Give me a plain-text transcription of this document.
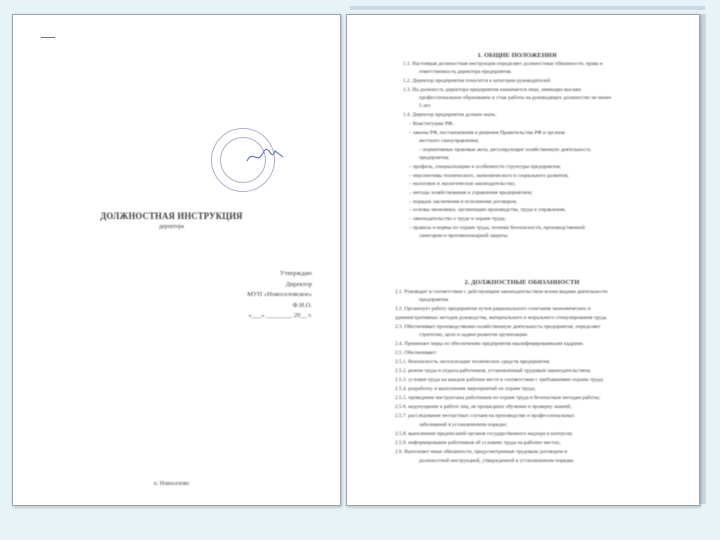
Утверждаю
Директор
МУП «Новоселовское»
Ф.И.О.
«___» ________ 20__ г.
ДОЛЖНОСТНАЯ ИНСТРУКЦИЯ
директора
п. Новоселово
1. ОБЩИЕ ПОЛОЖЕНИЯ
1.1. Настоящая должностная инструкция определяет должностные обязанности, права и
ответственность директора предприятия.
1.2. Директор предприятия относится к категории руководителей.
1.3. На должность директора предприятия назначается лицо, имеющее высшее
профессиональное образование и стаж работы на руководящих должностях не менее
5 лет.
1.4. Директор предприятия должен знать:
– Конституцию РФ;
– законы РФ, постановления и решения Правительства РФ и органов
местного самоуправления;
– нормативные правовые акты, регулирующие хозяйственную деятельность
предприятия;
– профиль, специализацию и особенности структуры предприятия;
– перспективы технического, экономического и социального развития;
– налоговое и экологическое законодательство;
– методы хозяйствования и управления предприятием;
– порядок заключения и исполнения договоров;
– основы экономики, организации производства, труда и управления;
– законодательство о труде и охране труда;
– правила и нормы по охране труда, технике безопасности, производственной
санитарии и противопожарной защиты.
2. ДОЛЖНОСТНЫЕ ОБЯЗАННОСТИ
2.1. Руководит в соответствии с действующим законодательством всеми видами деятельности
предприятия.
2.2. Организует работу предприятия путем рационального сочетания экономических и
административных методов руководства, материального и морального стимулирования труда.
2.3. Обеспечивает производственно-хозяйственную деятельность предприятия, определяет
стратегию, цели и задачи развития организации.
2.4. Принимает меры по обеспечению предприятия квалифицированными кадрами.
2.5. Обеспечивает:
2.5.1. безопасность эксплуатации технических средств предприятия;
2.5.2. режим труда и отдыха работников, установленный трудовым законодательством;
2.5.3. условия труда на каждом рабочем месте в соответствии с требованиями охраны труда;
2.5.4. разработку и выполнение мероприятий по охране труда;
2.5.5. проведение инструктажа работников по охране труда и безопасным методам работы;
2.5.6. недопущение к работе лиц, не прошедших обучение и проверку знаний;
2.5.7. расследование несчастных случаев на производстве и профессиональных
заболеваний в установленном порядке;
2.5.8. выполнение предписаний органов государственного надзора и контроля;
2.5.9. информирование работников об условиях труда на рабочих местах;
2.6. Выполняет иные обязанности, предусмотренные трудовым договором и
должностной инструкцией, утвержденной в установленном порядке.
